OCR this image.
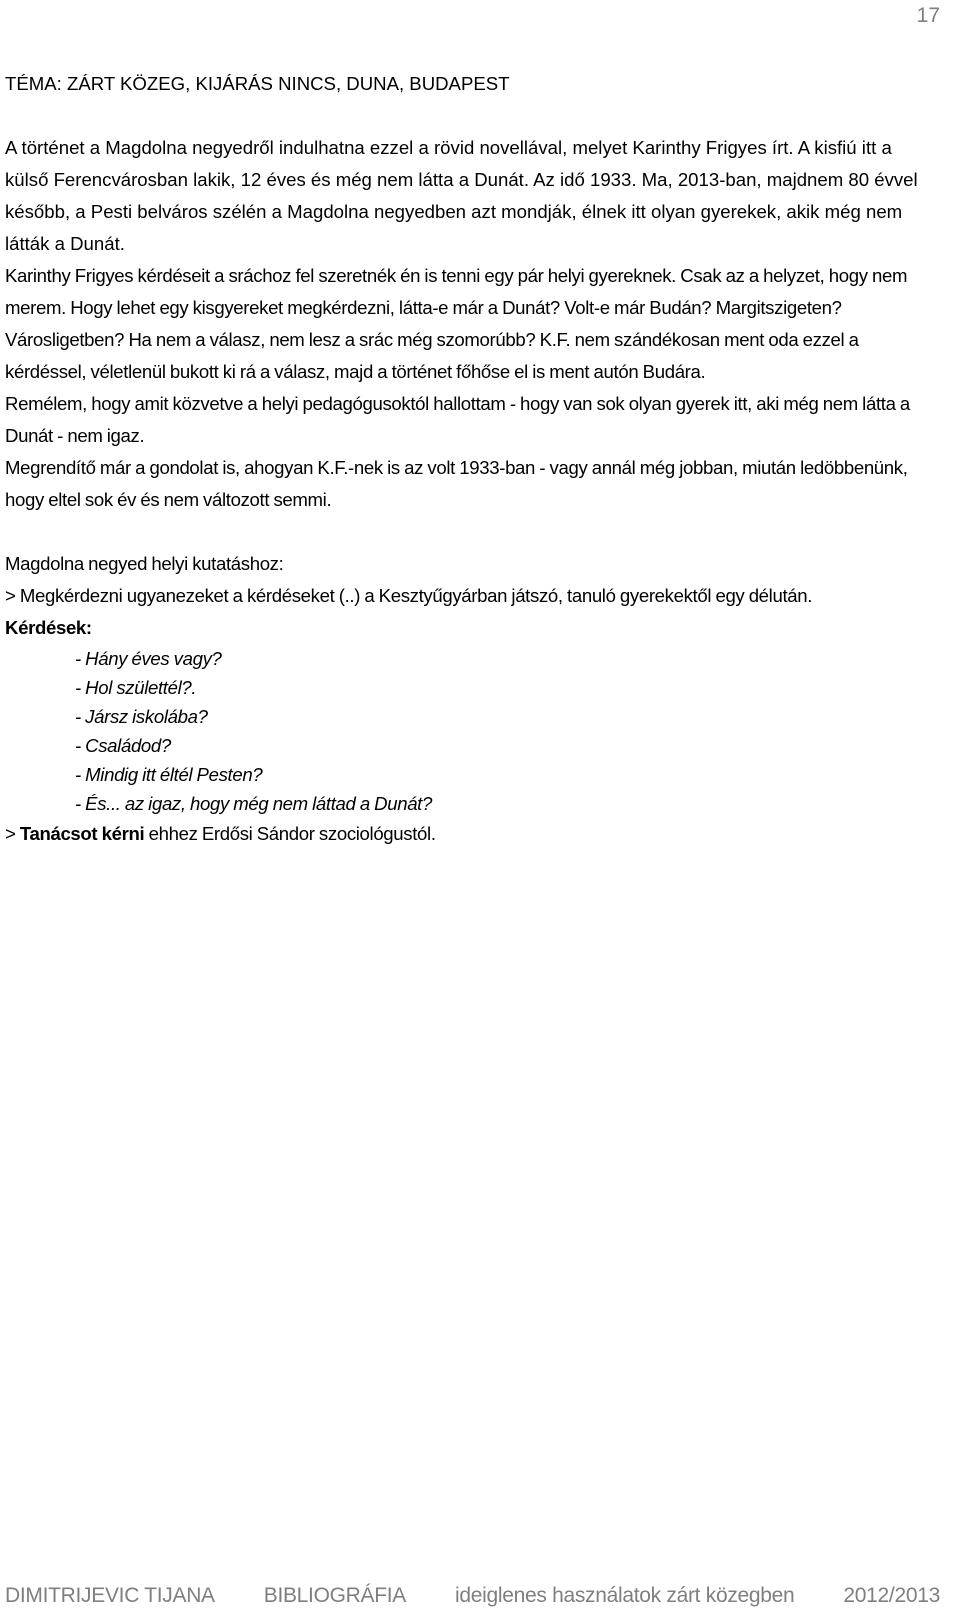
17

TÉMA: ZÁRT KÖZEG, KIJÁRÁS NINCS, DUNA, BUDAPEST

A történet a Magdolna negyedről indulhatna ezzel a rövid novellával, melyet Karinthy Frigyes írt. A kisfiú itt a külső Ferencvárosban lakik, 12 éves és még nem látta a Dunát. Az idő 1933. Ma, 2013-ban, majdnem 80 évvel később, a Pesti belváros szélén a Magdolna negyedben azt mondják, élnek itt olyan gyerekek, akik még nem látták a Dunát.

Karinthy Frigyes kérdéseit a sráchoz fel szeretnék én is tenni egy pár helyi gyereknek. Csak az a helyzet, hogy nem merem. Hogy lehet egy kisgyereket megkérdezni, látta-e már a Dunát? Volt-e már Budán? Margitszigeten? Városligetben? Ha nem a válasz, nem lesz a srác még szomorúbb? K.F. nem szándékosan ment oda ezzel a kérdéssel, véletlenül bukott ki rá a válasz, majd a történet főhőse el is ment autón Budára.

Remélem, hogy amit közvetve a helyi pedagógusoktól hallottam - hogy van sok olyan gyerek itt, aki még nem látta a Dunát - nem igaz.

Megrendítő már a gondolat is, ahogyan K.F.-nek is az volt 1933-ban - vagy annál még jobban, miután ledöbbenünk, hogy eltel sok év és nem változott semmi.

Magdolna negyed helyi kutatáshoz:

> Megkérdezni ugyanezeket a kérdéseket (..) a Kesztyűgyárban játszó, tanuló gyerekektől egy délután.

Kérdések:

- Hány éves vagy?
- Hol születtél?.
- Jársz iskolába?
- Családod?
- Mindig itt éltél Pesten?
- És... az igaz, hogy még nem láttad a Dunát?

> Tanácsot kérni ehhez Erdősi Sándor szociológustól.

DIMITRIJEVIC TIJANA BIBLIOGRÁFIA ideiglenes használatok zárt közegben 2012/2013
